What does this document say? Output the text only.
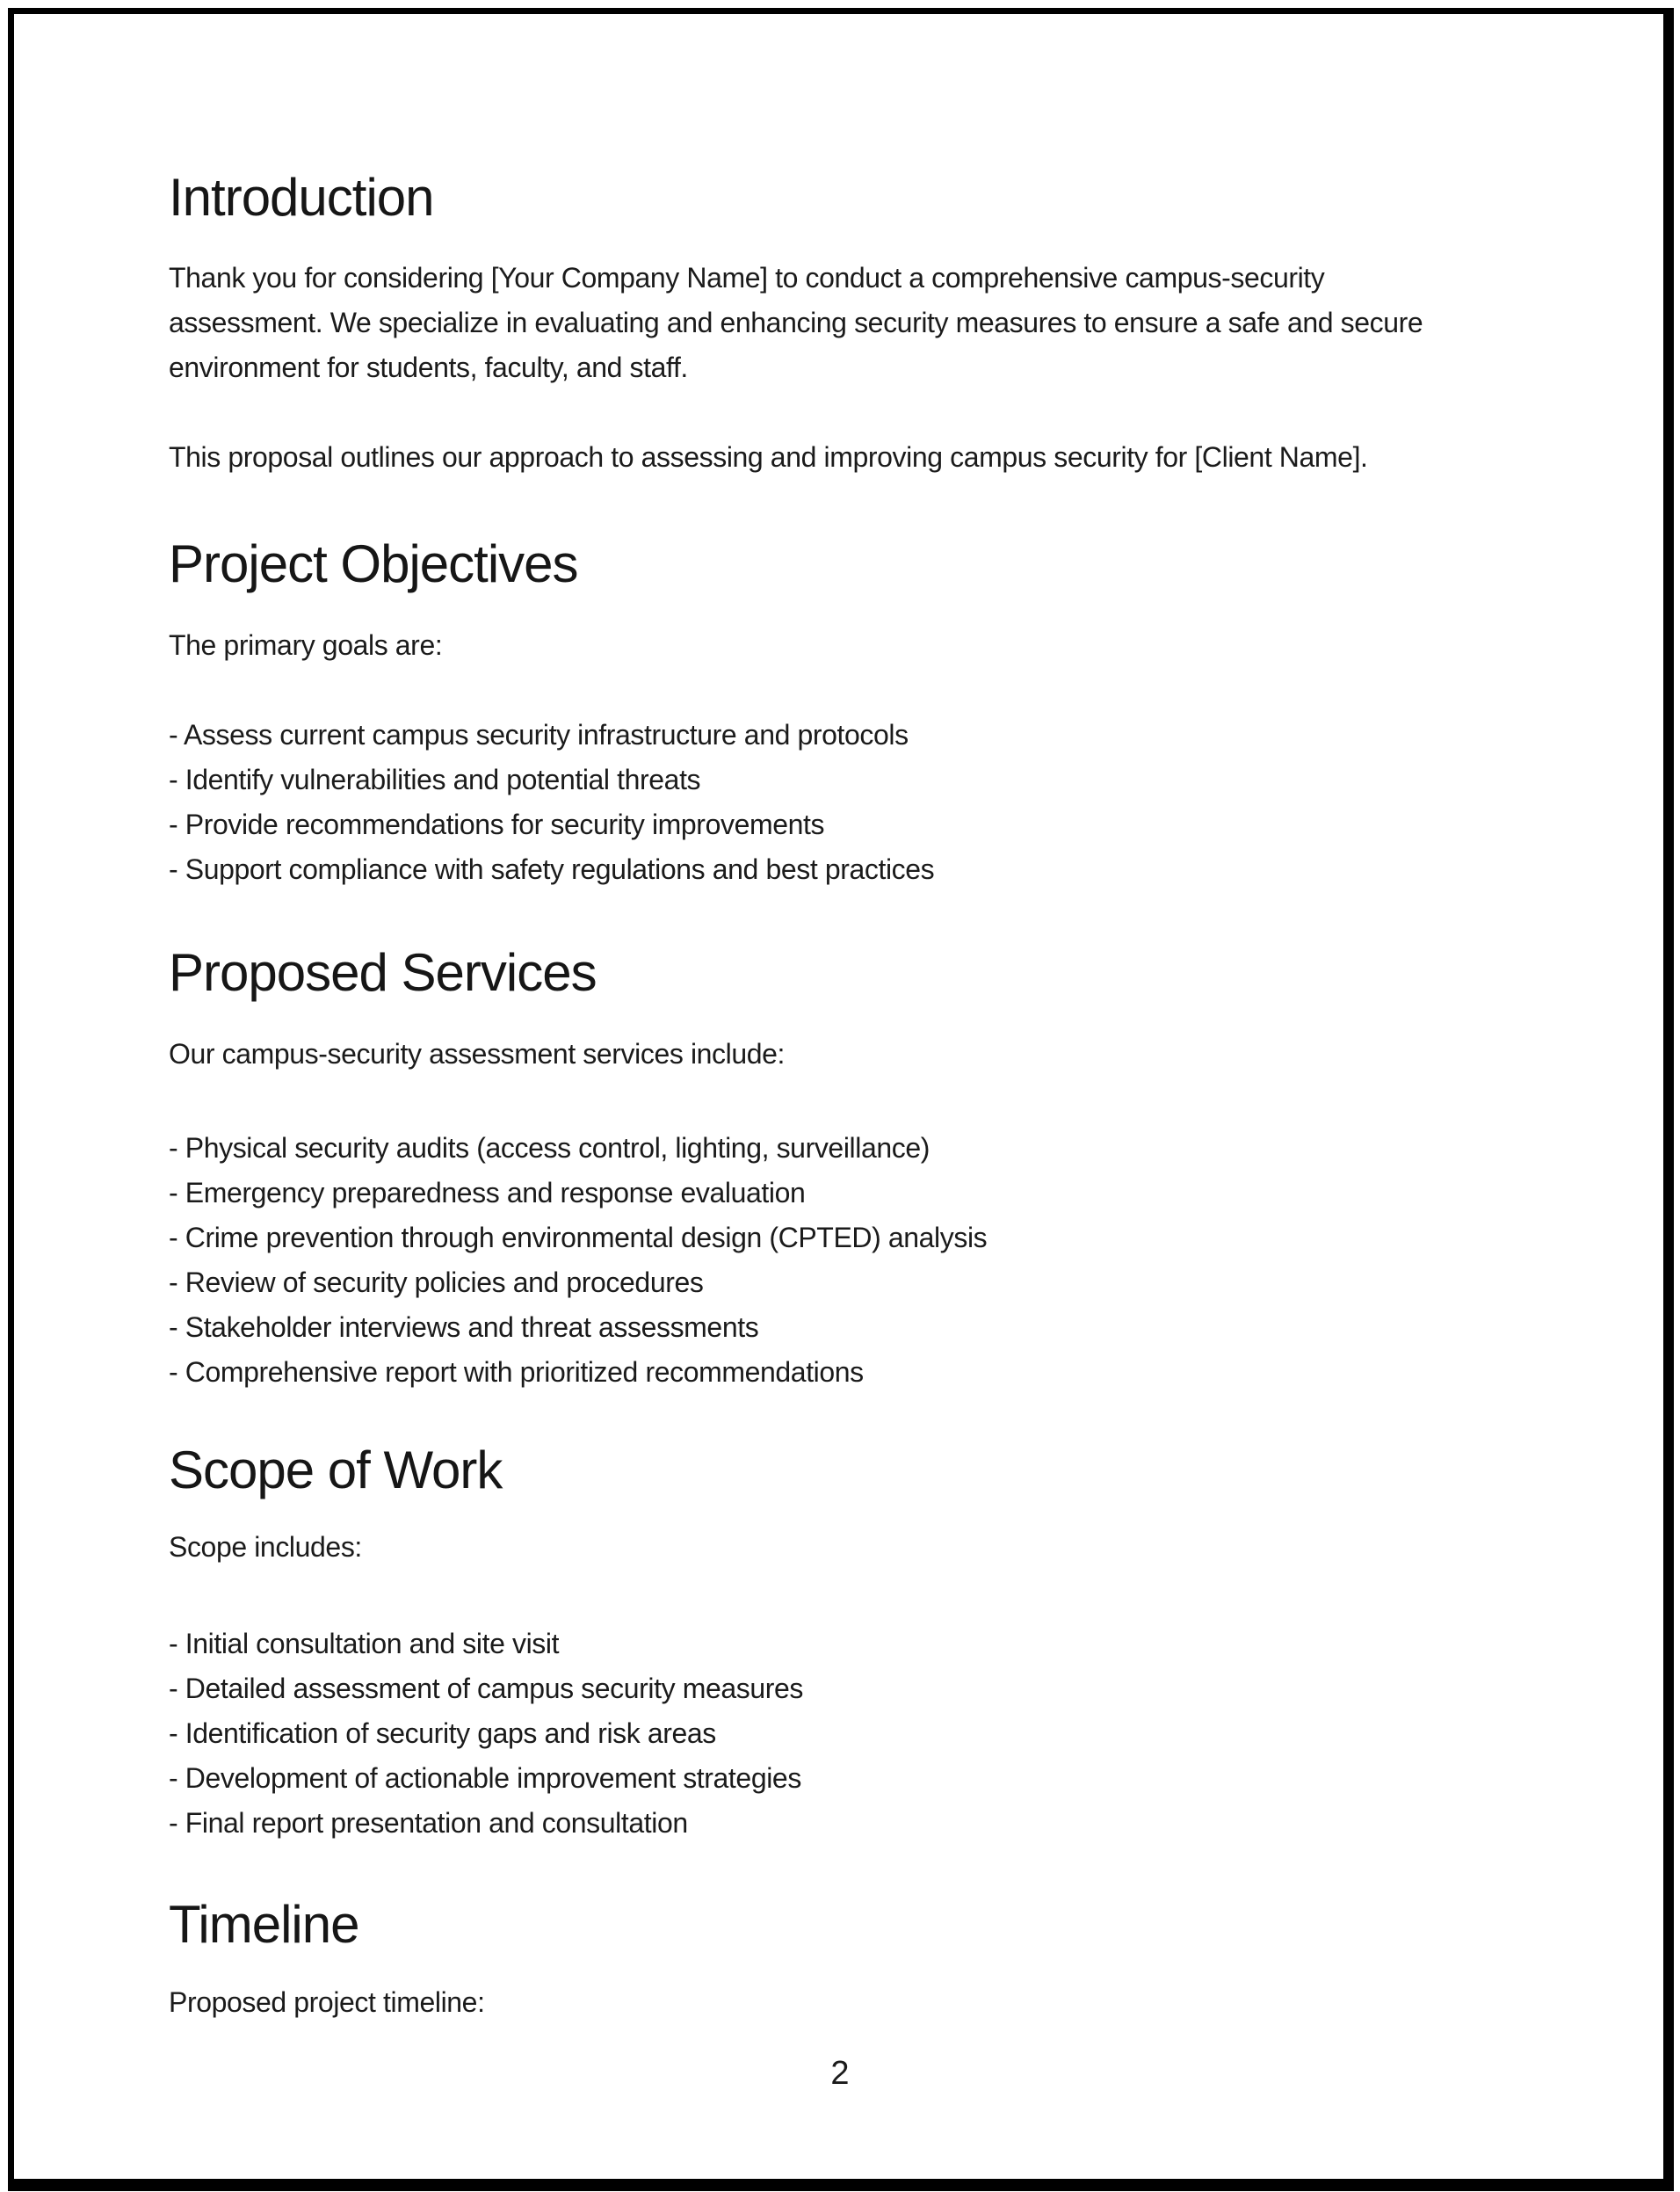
Introduction
Thank you for considering [Your Company Name] to conduct a comprehensive campus-security
assessment. We specialize in evaluating and enhancing security measures to ensure a safe and secure
environment for students, faculty, and staff.
This proposal outlines our approach to assessing and improving campus security for [Client Name].
Project Objectives
The primary goals are:
- Assess current campus security infrastructure and protocols
- Identify vulnerabilities and potential threats
- Provide recommendations for security improvements
- Support compliance with safety regulations and best practices
Proposed Services
Our campus-security assessment services include:
- Physical security audits (access control, lighting, surveillance)
- Emergency preparedness and response evaluation
- Crime prevention through environmental design (CPTED) analysis
- Review of security policies and procedures
- Stakeholder interviews and threat assessments
- Comprehensive report with prioritized recommendations
Scope of Work
Scope includes:
- Initial consultation and site visit
- Detailed assessment of campus security measures
- Identification of security gaps and risk areas
- Development of actionable improvement strategies
- Final report presentation and consultation
Timeline
Proposed project timeline:
2
